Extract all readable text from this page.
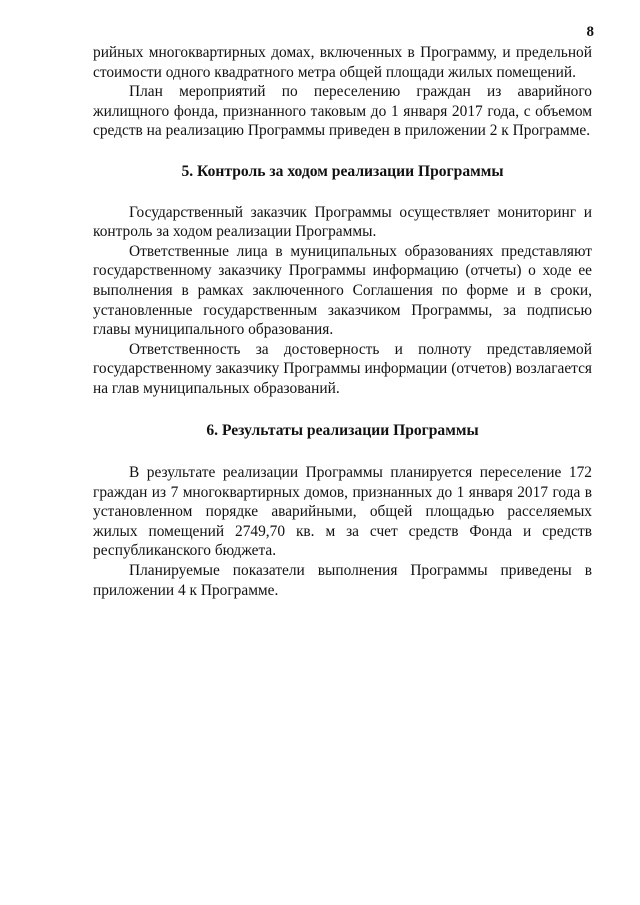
8

рийных многоквартирных домах, включенных в Программу, и предельной стоимости одного квадратного метра общей площади жилых помещений.

План мероприятий по переселению граждан из аварийного жилищного фонда, признанного таковым до 1 января 2017 года, с объемом средств на реализацию Программы приведен в приложении 2 к Программе.

5. Контроль за ходом реализации Программы

Государственный заказчик Программы осуществляет мониторинг и контроль за ходом реализации Программы.

Ответственные лица в муниципальных образованиях представляют государственному заказчику Программы информацию (отчеты) о ходе ее выполнения в рамках заключенного Соглашения по форме и в сроки, установленные государственным заказчиком Программы, за подписью главы муниципального образования.

Ответственность за достоверность и полноту представляемой государственному заказчику Программы информации (отчетов) возлагается на глав муниципальных образований.

6. Результаты реализации Программы

В результате реализации Программы планируется переселение 172 граждан из 7 многоквартирных домов, признанных до 1 января 2017 года в установленном порядке аварийными, общей площадью расселяемых жилых помещений 2749,70 кв. м за счет средств Фонда и средств республиканского бюджета.

Планируемые показатели выполнения Программы приведены в приложении 4 к Программе.
